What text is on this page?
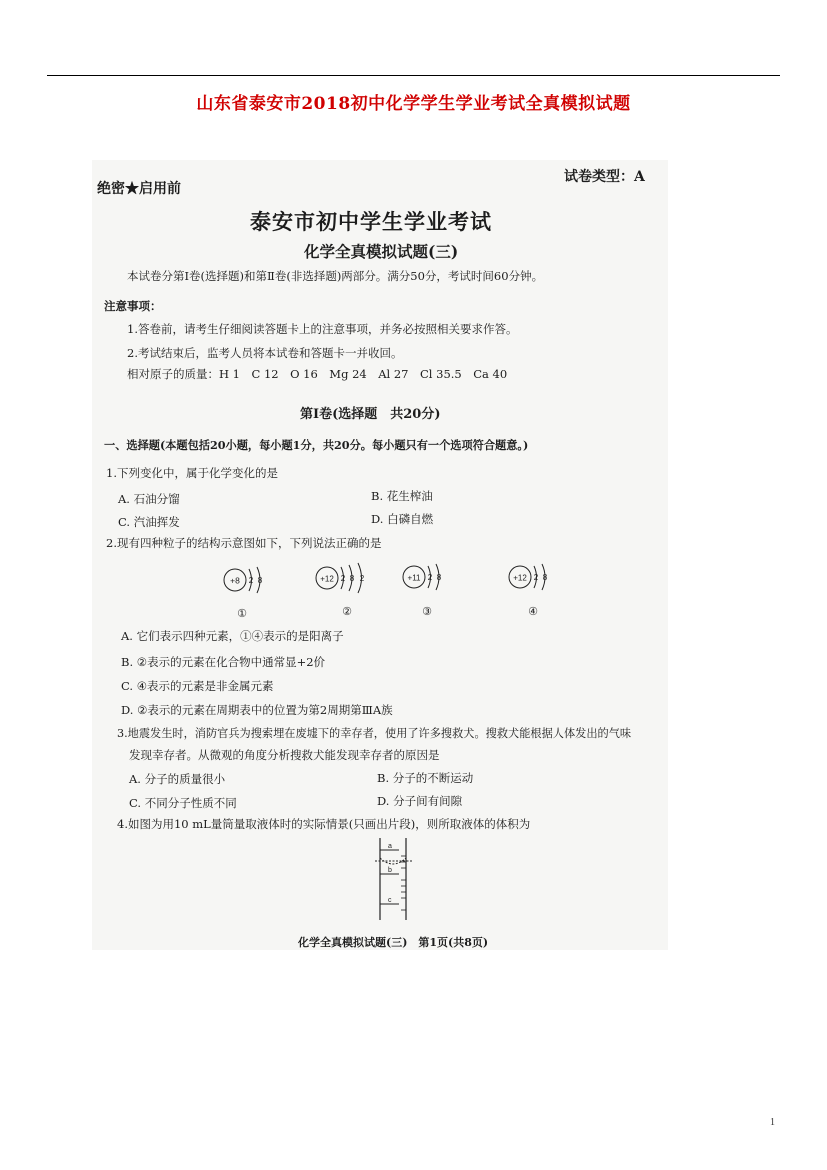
山东省泰安市2018初中化学学生学业考试全真模拟试题
绝密★启用前
试卷类型：A
泰安市初中学生学业考试
化学全真模拟试题(三)
本试卷分第Ⅰ卷(选择题)和第Ⅱ卷(非选择题)两部分。满分50分，考试时间60分钟。
注意事项：
1.答卷前，请考生仔细阅读答题卡上的注意事项，并务必按照相关要求作答。
2.考试结束后，监考人员将本试卷和答题卡一并收回。
相对原子的质量：H 1　C 12　O 16　Mg 24　Al 27　Cl 35.5　Ca 40
第Ⅰ卷(选择题　共20分)
一、选择题(本题包括20小题，每小题1分，共20分。每小题只有一个选项符合题意。)
1.下列变化中，属于化学变化的是
A. 石油分馏	B. 花生榨油
C. 汽油挥发	D. 白磷自燃
2.现有四种粒子的结构示意图如下，下列说法正确的是
+8 2 8
①
+12 2 8 2
②
+11 2 8
③
+12 2 8
④
A. 它们表示四种元素，①④表示的是阳离子
B. ②表示的元素在化合物中通常显+2价
C. ④表示的元素是非金属元素
D. ②表示的元素在周期表中的位置为第2周期第ⅢA族
3.地震发生时，消防官兵为搜索埋在废墟下的幸存者，使用了许多搜救犬。搜救犬能根据人体发出的气味
发现幸存者。从微观的角度分析搜救犬能发现幸存者的原因是
A. 分子的质量很小	B. 分子的不断运动
C. 不同分子性质不同	D. 分子间有间隙
4.如图为用10 mL量筒量取液体时的实际情景(只画出片段)，则所取液体的体积为
a
b
c
化学全真模拟试题(三)　第1页(共8页)
1
